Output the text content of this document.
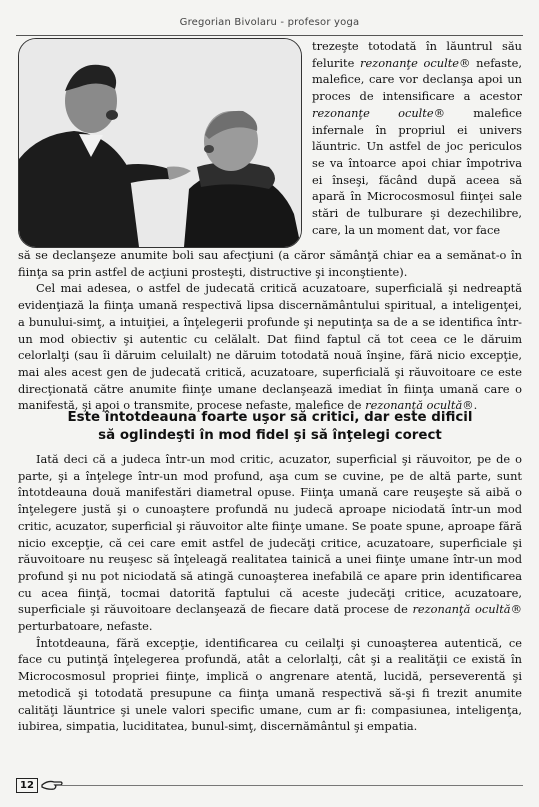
Gregorian Bivolaru - profesor yoga

trezeşte totodată în lăuntrul său felurite rezonanţe oculte® nefaste, malefice, care vor declanşa apoi un proces de intensificare a acestor rezonanţe oculte® malefice infernale în propriul ei univers lăuntric. Un astfel de joc periculos se va întoarce apoi chiar împotriva ei înseşi, făcând după aceea să apară în Microcosmosul fiinţei sale stări de tulburare şi dezechilibre, care, la un moment dat, vor face

să se declanşeze anumite boli sau afecţiuni (a căror sămânţă chiar ea a semănat-o în fiinţa sa prin astfel de acţiuni prosteşti, distructive şi inconştiente).

Cel mai adesea, o astfel de judecată critică acuzatoare, superficială şi nedreaptă evidenţiază la fiinţa umană respectivă lipsa discernământului spiritual, a inteligenţei, a bunului-simţ, a intuiţiei, a înţelegerii profunde şi neputinţa sa de a se identifica într-un mod obiectiv şi autentic cu celălalt. Dat fiind faptul că tot ceea ce le dăruim celorlalţi (sau îi dăruim celuilalt) ne dăruim totodată nouă înşine, fără nicio excepţie, mai ales acest gen de judecată critică, acuzatoare, superficială şi răuvoitoare ce este direcţionată către anumite fiinţe umane declanşează imediat în fiinţa umană care o manifestă, şi apoi o transmite, procese nefaste, malefice de rezonanţă ocultă®.

Este întotdeauna foarte uşor să critici, dar este dificil
să oglindeşti în mod fidel şi să înţelegi corect

Iată deci că a judeca într-un mod critic, acuzator, superficial şi răuvoitor, pe de o parte, şi a înţelege într-un mod profund, aşa cum se cuvine, pe de altă parte, sunt întotdeauna două manifestări diametral opuse. Fiinţa umană care reuşeşte să aibă o înţelegere justă şi o cunoaştere profundă nu judecă aproape niciodată într-un mod critic, acuzator, superficial şi răuvoitor alte fiinţe umane. Se poate spune, aproape fără nicio excepţie, că cei care emit astfel de judecăţi critice, acuzatoare, superficiale şi răuvoitoare nu reuşesc să înţeleagă realitatea tainică a unei fiinţe umane într-un mod profund şi nu pot niciodată să atingă cunoaşterea inefabilă ce apare prin identificarea cu acea fiinţă, tocmai datorită faptului că aceste judecăţi critice, acuzatoare, superficiale şi răuvoitoare declanşează de fiecare dată procese de rezonanţă ocultă® perturbatoare, nefaste.

Întotdeauna, fără excepţie, identificarea cu ceilalţi şi cunoaşterea autentică, ce face cu putinţă înţelegerea profundă, atât a celorlalţi, cât şi a realităţii ce există în Microcosmosul propriei fiinţe, implică o angrenare atentă, lucidă, perseverentă şi metodică şi totodată presupune ca fiinţa umană respectivă să-şi fi trezit anumite calităţi lăuntrice şi unele valori specific umane, cum ar fi: compasiunea, inteligenţa, iubirea, simpatia, luciditatea, bunul-simţ, discernământul şi empatia.

12
